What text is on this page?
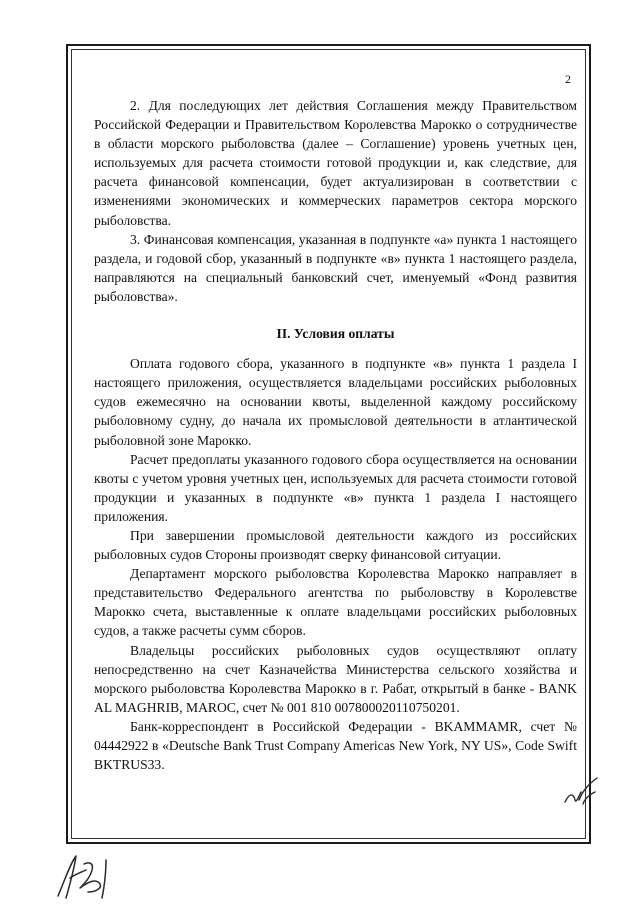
2

2. Для последующих лет действия Соглашения между Правительством Российской Федерации и Правительством Королевства Марокко о сотрудничестве в области морского рыболовства (далее – Соглашение) уровень учетных цен, используемых для расчета стоимости готовой продукции и, как следствие, для расчета финансовой компенсации, будет актуализирован в соответствии с изменениями экономических и коммерческих параметров сектора морского рыболовства.

3. Финансовая компенсация, указанная в подпункте «а» пункта 1 настоящего раздела, и годовой сбор, указанный в подпункте «в» пункта 1 настоящего раздела, направляются на специальный банковский счет, именуемый «Фонд развития рыболовства».

II. Условия оплаты

Оплата годового сбора, указанного в подпункте «в» пункта 1 раздела I настоящего приложения, осуществляется владельцами российских рыболовных судов ежемесячно на основании квоты, выделенной каждому российскому рыболовному судну, до начала их промысловой деятельности в атлантической рыболовной зоне Марокко.

Расчет предоплаты указанного годового сбора осуществляется на основании квоты с учетом уровня учетных цен, используемых для расчета стоимости готовой продукции и указанных в подпункте «в» пункта 1 раздела I настоящего приложения.

При завершении промысловой деятельности каждого из российских рыболовных судов Стороны производят сверку финансовой ситуации.

Департамент морского рыболовства Королевства Марокко направляет в представительство Федерального агентства по рыболовству в Королевстве Марокко счета, выставленные к оплате владельцами российских рыболовных судов, а также расчеты сумм сборов.

Владельцы российских рыболовных судов осуществляют оплату непосредственно на счет Казначейства Министерства сельского хозяйства и морского рыболовства Королевства Марокко в г. Рабат, открытый в банке - BANK AL MAGHRIB, MAROC, счет № 001 810 007800020110750201.

Банк-корреспондент в Российской Федерации - BKAMMAMR, счет № 04442922 в «Deutsche Bank Trust Company Americas New York, NY US», Code Swift BKTRUS33.
